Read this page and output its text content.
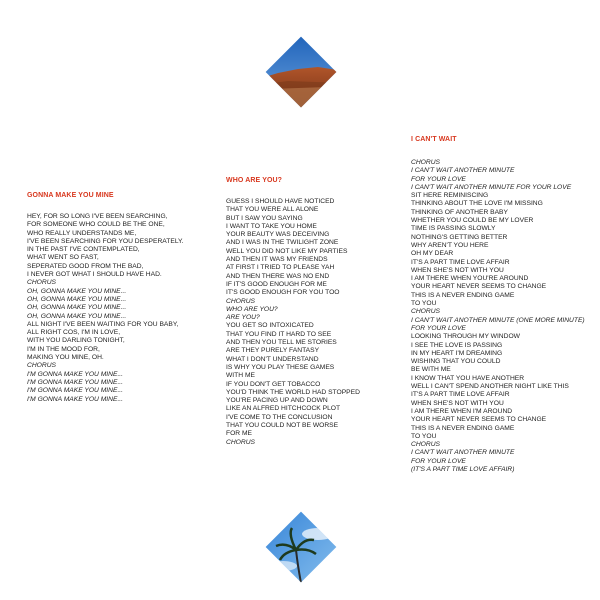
GONNA MAKE YOU MINE

HEY, FOR SO LONG I'VE BEEN SEARCHING,
FOR SOMEONE WHO COULD BE THE ONE,
WHO REALLY UNDERSTANDS ME,
I'VE BEEN SEARCHING FOR YOU DESPERATELY.
IN THE PAST I'VE CONTEMPLATED,
WHAT WENT SO FAST,
SEPERATED GOOD FROM THE BAD,
I NEVER GOT WHAT I SHOULD HAVE HAD.
CHORUS
OH, GONNA MAKE YOU MINE...
OH, GONNA MAKE YOU MINE...
OH, GONNA MAKE YOU MINE...
OH, GONNA MAKE YOU MINE...
ALL NIGHT I'VE BEEN WAITING FOR YOU BABY,
ALL RIGHT COS, I'M IN LOVE,
WITH YOU DARLING TONIGHT,
I'M IN THE MOOD FOR,
MAKING YOU MINE, OH.
CHORUS
I'M GONNA MAKE YOU MINE...
I'M GONNA MAKE YOU MINE...
I'M GONNA MAKE YOU MINE...
I'M GONNA MAKE YOU MINE...

WHO ARE YOU?

GUESS I SHOULD HAVE NOTICED
THAT YOU WERE ALL ALONE
BUT I SAW YOU SAYING
I WANT TO TAKE YOU HOME
YOUR BEAUTY WAS DECEIVING
AND I WAS IN THE TWILIGHT ZONE
WELL YOU DID NOT LIKE MY PARTIES
AND THEN IT WAS MY FRIENDS
AT FIRST I TRIED TO PLEASE YAH
AND THEN THERE WAS NO END
IF IT'S GOOD ENOUGH FOR ME
IT'S GOOD ENOUGH FOR YOU TOO
CHORUS
WHO ARE YOU?
ARE YOU?
YOU GET SO INTOXICATED
THAT YOU FIND IT HARD TO SEE
AND THEN YOU TELL ME STORIES
ARE THEY PURELY FANTASY
WHAT I DON'T UNDERSTAND
IS WHY YOU PLAY THESE GAMES
WITH ME
IF YOU DON'T GET TOBACCO
YOU'D THINK THE WORLD HAD STOPPED
YOU'RE PACING UP AND DOWN
LIKE AN ALFRED HITCHCOCK PLOT
I'VE COME TO THE CONCLUSION
THAT YOU COULD NOT BE WORSE
FOR ME
CHORUS

I CAN'T WAIT

CHORUS
I CAN'T WAIT ANOTHER MINUTE
FOR YOUR LOVE
I CAN'T WAIT ANOTHER MINUTE FOR YOUR LOVE
SIT HERE REMINISCING
THINKING ABOUT THE LOVE I'M MISSING
THINKING OF ANOTHER BABY
WHETHER YOU COULD BE MY LOVER
TIME IS PASSING SLOWLY
NOTHING'S GETTING BETTER
WHY AREN'T YOU HERE
OH MY DEAR
IT'S A PART TIME LOVE AFFAIR
WHEN SHE'S NOT WITH YOU
I AM THERE WHEN YOU'RE AROUND
YOUR HEART NEVER SEEMS TO CHANGE
THIS IS A NEVER ENDING GAME
TO YOU
CHORUS
I CAN'T WAIT ANOTHER MINUTE (ONE MORE MINUTE)
FOR YOUR LOVE
LOOKING THROUGH MY WINDOW
I SEE THE LOVE IS PASSING
IN MY HEART I'M DREAMING
WISHING THAT YOU COULD
BE WITH ME
I KNOW THAT YOU HAVE ANOTHER
WELL I CAN'T SPEND ANOTHER NIGHT LIKE THIS
IT'S A PART TIME LOVE AFFAIR
WHEN SHE'S NOT WITH YOU
I AM THERE WHEN I'M AROUND
YOUR HEART NEVER SEEMS TO CHANGE
THIS IS A NEVER ENDING GAME
TO YOU
CHORUS
I CAN'T WAIT ANOTHER MINUTE
FOR YOUR LOVE
(IT'S A PART TIME LOVE AFFAIR)
